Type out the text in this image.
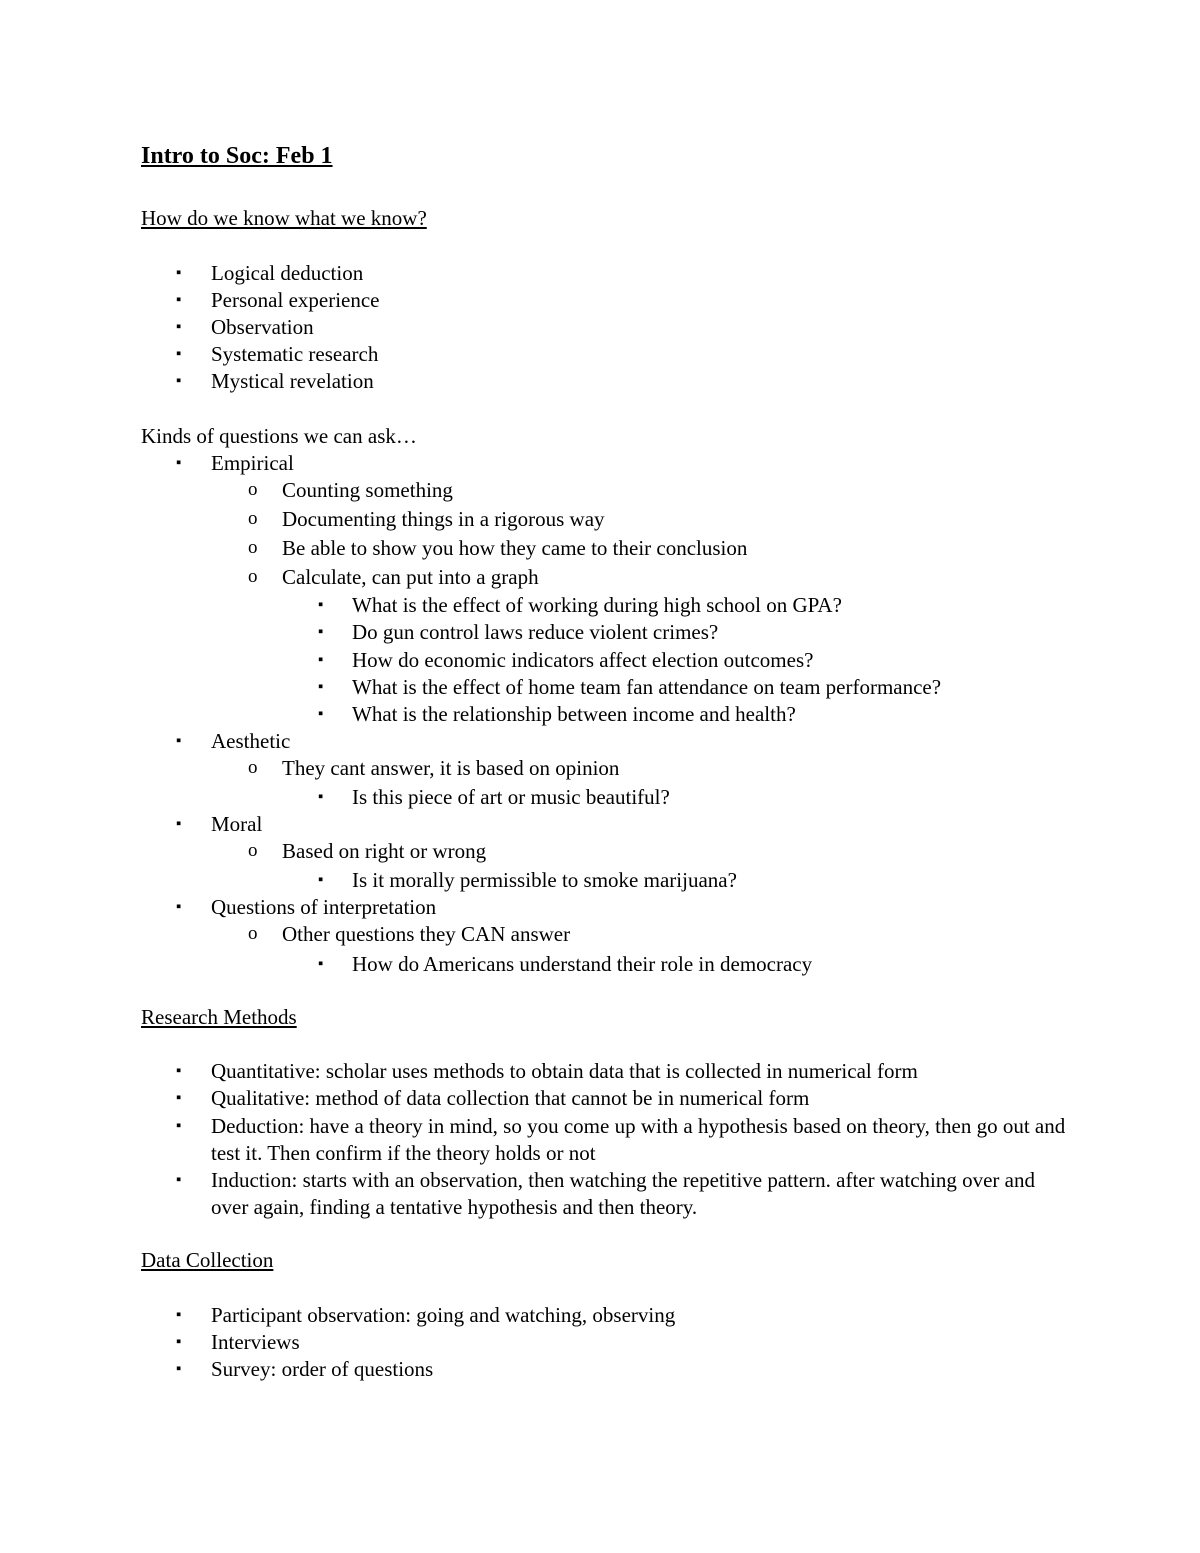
Intro to Soc: Feb 1
How do we know what we know?
▪ Logical deduction
▪ Personal experience
▪ Observation
▪ Systematic research
▪ Mystical revelation
Kinds of questions we can ask…
▪ Empirical
o Counting something
o Documenting things in a rigorous way
o Be able to show you how they came to their conclusion
o Calculate, can put into a graph
▪ What is the effect of working during high school on GPA?
▪ Do gun control laws reduce violent crimes?
▪ How do economic indicators affect election outcomes?
▪ What is the effect of home team fan attendance on team performance?
▪ What is the relationship between income and health?
▪ Aesthetic
o They cant answer, it is based on opinion
▪ Is this piece of art or music beautiful?
▪ Moral
o Based on right or wrong
▪ Is it morally permissible to smoke marijuana?
▪ Questions of interpretation
o Other questions they CAN answer
▪ How do Americans understand their role in democracy
Research Methods
▪ Quantitative: scholar uses methods to obtain data that is collected in numerical form
▪ Qualitative: method of data collection that cannot be in numerical form
▪ Deduction: have a theory in mind, so you come up with a hypothesis based on theory, then go out and test it. Then confirm if the theory holds or not
▪ Induction: starts with an observation, then watching the repetitive pattern. after watching over and over again, finding a tentative hypothesis and then theory.
Data Collection
▪ Participant observation: going and watching, observing
▪ Interviews
▪ Survey: order of questions
